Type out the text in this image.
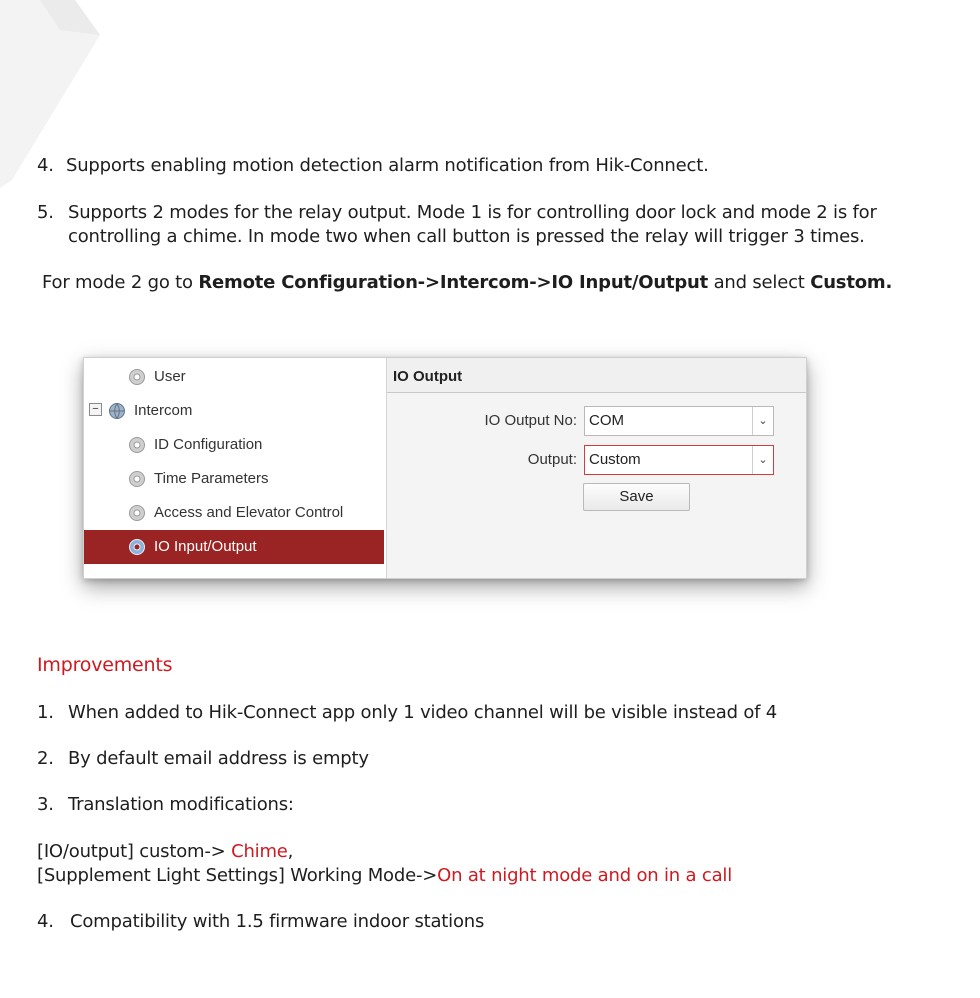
4. Supports enabling motion detection alarm notification from Hik-Connect.
5. Supports 2 modes for the relay output. Mode 1 is for controlling door lock and mode 2 is for
controlling a chime. In mode two when call button is pressed the relay will trigger 3 times.
For mode 2 go to Remote Configuration->Intercom->IO Input/Output and select Custom.
User
− Intercom
ID Configuration
Time Parameters
Access and Elevator Control
IO Input/Output
IO Output
IO Output No: COM	⌄
Output: Custom	⌄
Save
Improvements
1. When added to Hik-Connect app only 1 video channel will be visible instead of 4
2. By default email address is empty
3. Translation modifications:
[IO/output] custom-> Chime,
[Supplement Light Settings] Working Mode->On at night mode and on in a call
4. Compatibility with 1.5 firmware indoor stations
